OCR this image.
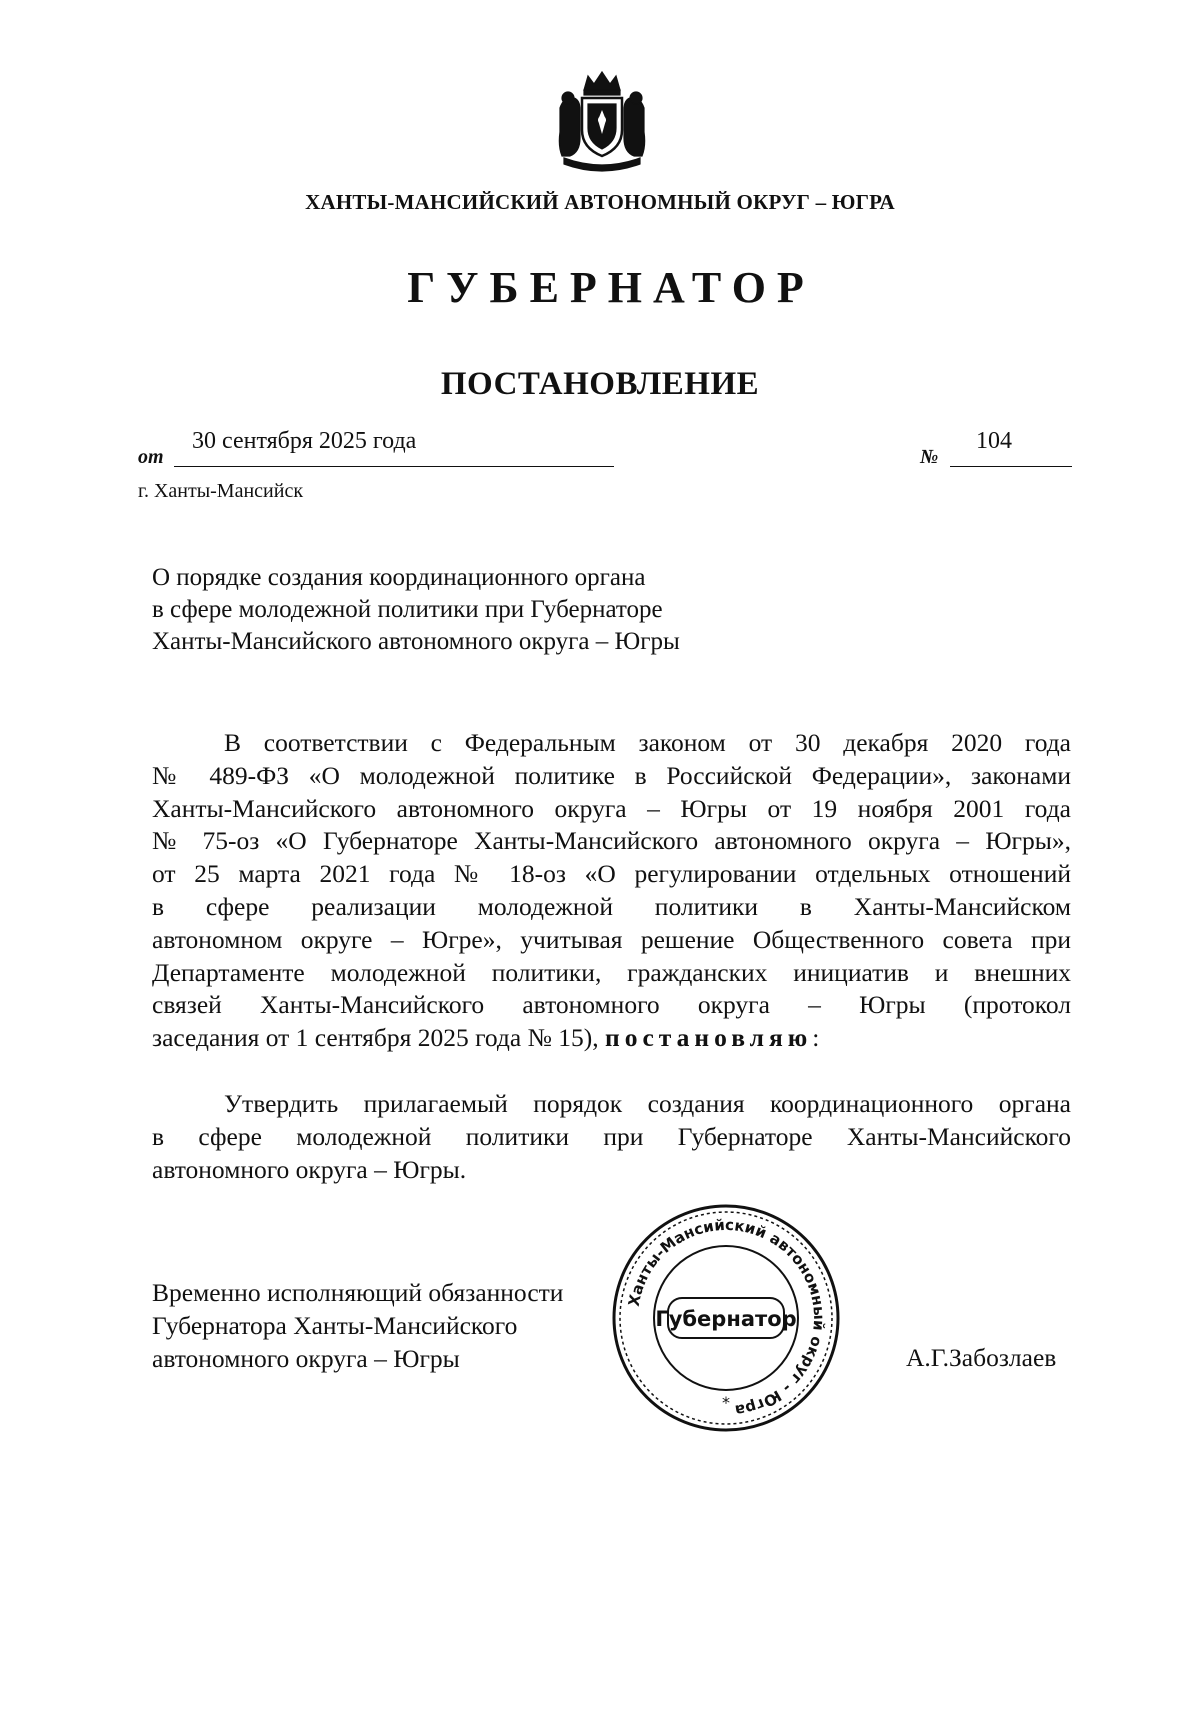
ХАНТЫ-МАНСИЙСКИЙ АВТОНОМНЫЙ ОКРУГ – ЮГРА
ГУБЕРНАТОР
ПОСТАНОВЛЕНИЕ
от
30 сентября 2025 года
№
104
г. Ханты-Мансийск
О порядке создания координационного органа
в сфере молодежной политики при Губернаторе
Ханты-Мансийского автономного округа – Югры
В соответствии с Федеральным законом от 30 декабря 2020 года
№ 489-ФЗ «О молодежной политике в Российской Федерации», законами
Ханты-Мансийского автономного округа – Югры от 19 ноября 2001 года
№ 75-оз «О Губернаторе Ханты-Мансийского автономного округа – Югры»,
от 25 марта 2021 года № 18-оз «О регулировании отдельных отношений
в сфере реализации молодежной политики в Ханты-Мансийском
автономном округе – Югре», учитывая решение Общественного совета при
Департаменте молодежной политики, гражданских инициатив и внешних
связей Ханты-Мансийского автономного округа – Югры (протокол
заседания от 1 сентября 2025 года № 15), постановляю:
Утвердить прилагаемый порядок создания координационного органа
в сфере молодежной политики при Губернаторе Ханты-Мансийского
автономного округа – Югры.
Временно исполняющий обязанности
Губернатора Ханты-Мансийского
автономного округа – Югры	А.Г.Забозлаев
Ханты-Мансийский автономный округ - Югра
Губернатор
*
